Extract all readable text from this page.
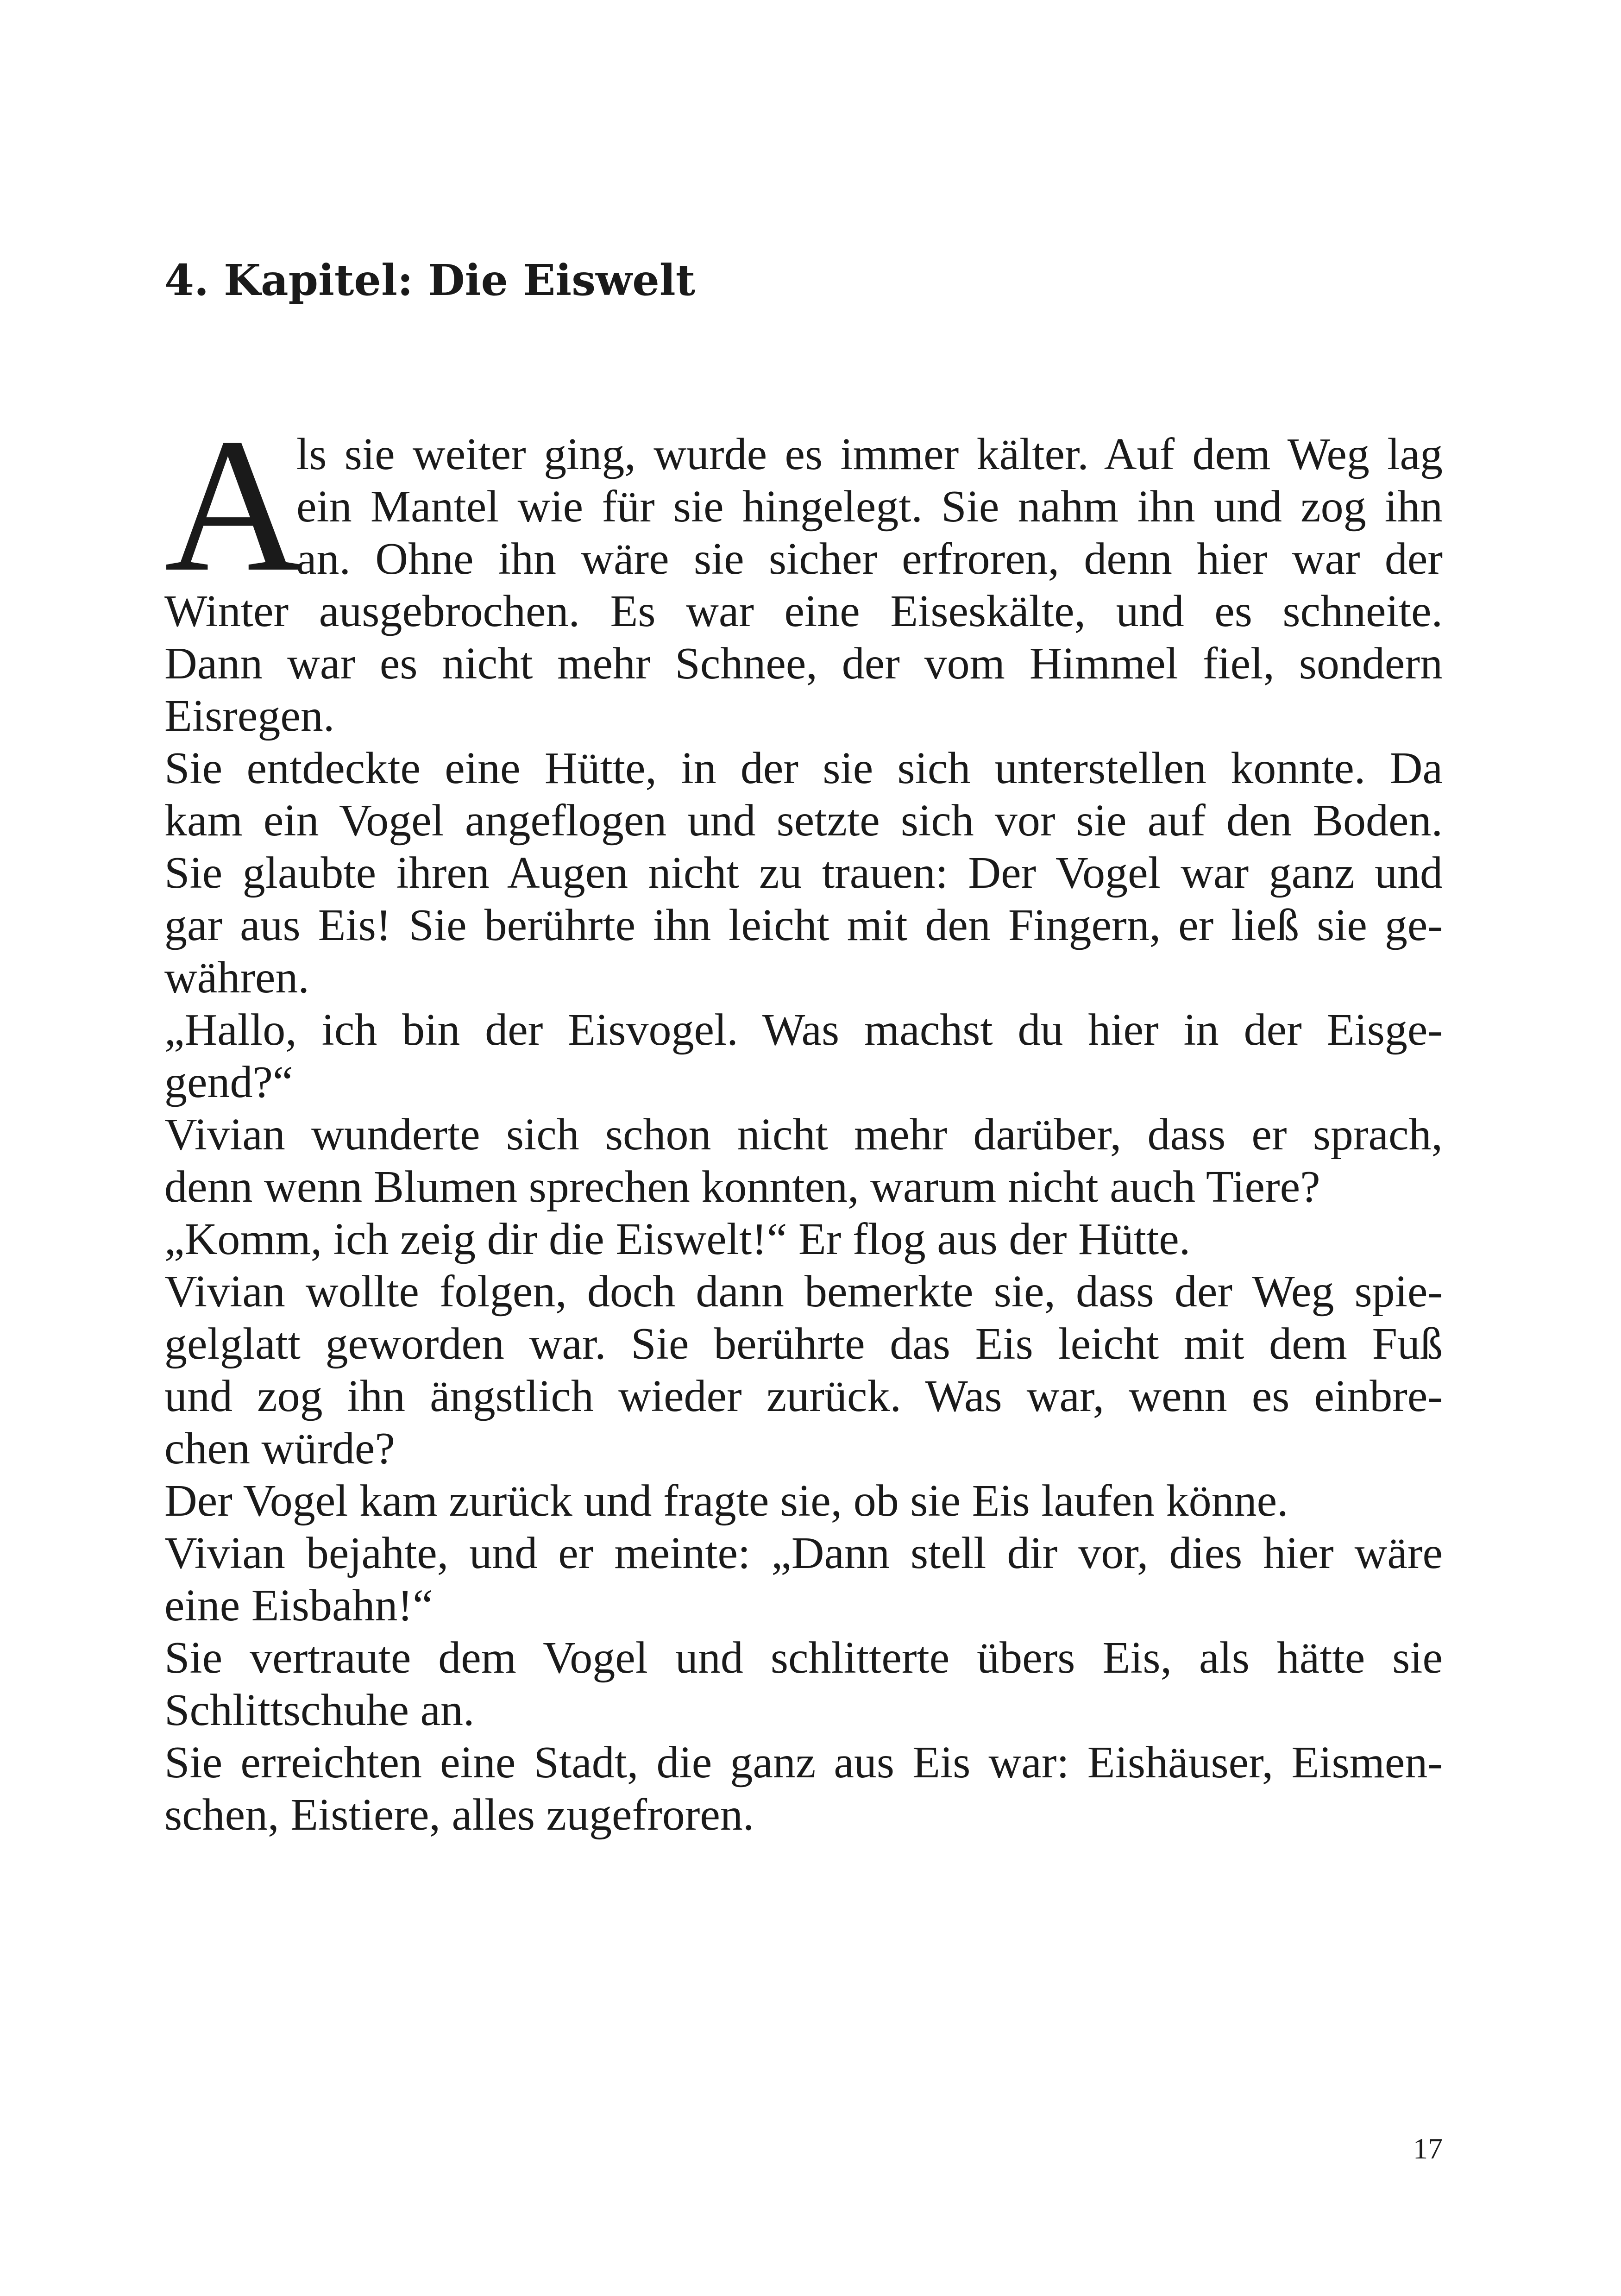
4. Kapitel: Die Eiswelt
A
ls sie weiter ging, wurde es immer kälter. Auf dem Weg lag
ein Mantel wie für sie hingelegt. Sie nahm ihn und zog ihn
an. Ohne ihn wäre sie sicher erfroren, denn hier war der
Winter ausgebrochen. Es war eine Eiseskälte, und es schneite.
Dann war es nicht mehr Schnee, der vom Himmel fiel, sondern
Eisregen.
Sie entdeckte eine Hütte, in der sie sich unterstellen konnte. Da
kam ein Vogel angeflogen und setzte sich vor sie auf den Boden.
Sie glaubte ihren Augen nicht zu trauen: Der Vogel war ganz und
gar aus Eis! Sie berührte ihn leicht mit den Fingern, er ließ sie ge-
währen.
„Hallo, ich bin der Eisvogel. Was machst du hier in der Eisge-
gend?“
Vivian wunderte sich schon nicht mehr darüber, dass er sprach,
denn wenn Blumen sprechen konnten, warum nicht auch Tiere?
„Komm, ich zeig dir die Eiswelt!“ Er flog aus der Hütte.
Vivian wollte folgen, doch dann bemerkte sie, dass der Weg spie-
gelglatt geworden war. Sie berührte das Eis leicht mit dem Fuß
und zog ihn ängstlich wieder zurück. Was war, wenn es einbre-
chen würde?
Der Vogel kam zurück und fragte sie, ob sie Eis laufen könne.
Vivian bejahte, und er meinte: „Dann stell dir vor, dies hier wäre
eine Eisbahn!“
Sie vertraute dem Vogel und schlitterte übers Eis, als hätte sie
Schlittschuhe an.
Sie erreichten eine Stadt, die ganz aus Eis war: Eishäuser, Eismen-
schen, Eistiere, alles zugefroren.
17
